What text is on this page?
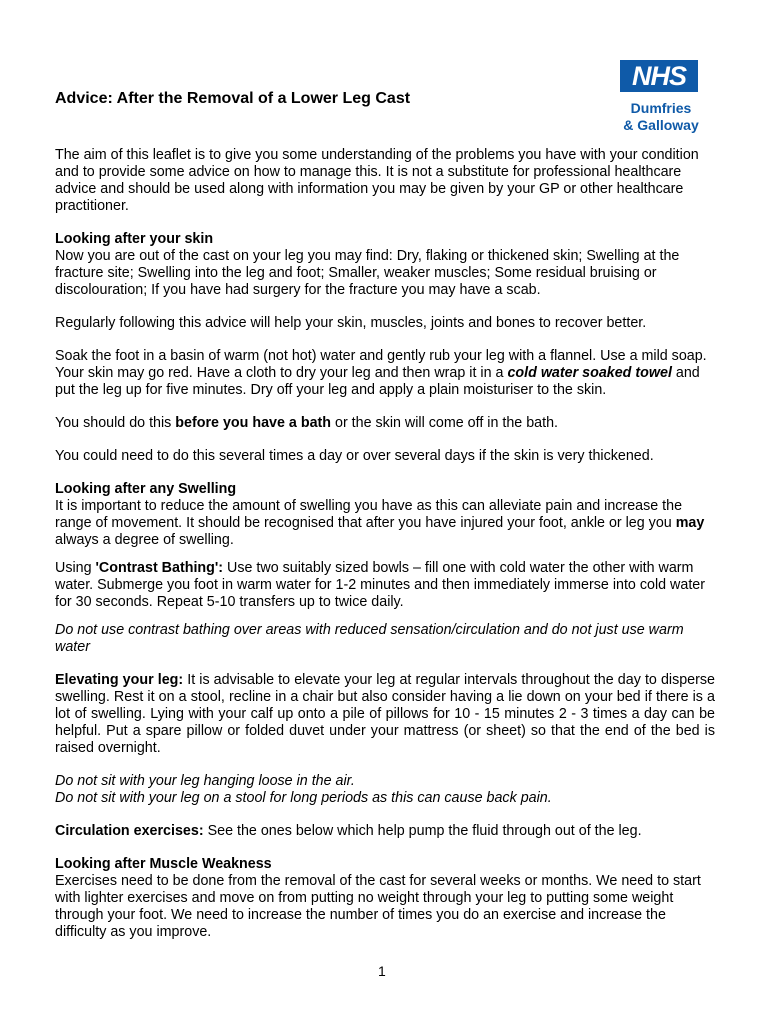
NHS
Dumfries
& Galloway
Advice: After the Removal of a Lower Leg Cast

The aim of this leaflet is to give you some understanding of the problems you have with your condition and to provide some advice on how to manage this. It is not a substitute for professional healthcare advice and should be used along with information you may be given by your GP or other healthcare practitioner.

Looking after your skin

Now you are out of the cast on your leg you may find: Dry, flaking or thickened skin; Swelling at the fracture site; Swelling into the leg and foot; Smaller, weaker muscles; Some residual bruising or discolouration; If you have had surgery for the fracture you may have a scab.

Regularly following this advice will help your skin, muscles, joints and bones to recover better.

Soak the foot in a basin of warm (not hot) water and gently rub your leg with a flannel. Use a mild soap. Your skin may go red. Have a cloth to dry your leg and then wrap it in a cold water soaked towel and put the leg up for five minutes. Dry off your leg and apply a plain moisturiser to the skin.

You should do this before you have a bath or the skin will come off in the bath.

You could need to do this several times a day or over several days if the skin is very thickened.

Looking after any Swelling

It is important to reduce the amount of swelling you have as this can alleviate pain and increase the range of movement. It should be recognised that after you have injured your foot, ankle or leg you may always a degree of swelling.

Using 'Contrast Bathing': Use two suitably sized bowls – fill one with cold water the other with warm water. Submerge you foot in warm water for 1-2 minutes and then immediately immerse into cold water for 30 seconds. Repeat 5-10 transfers up to twice daily.

Do not use contrast bathing over areas with reduced sensation/circulation and do not just use warm water

Elevating your leg: It is advisable to elevate your leg at regular intervals throughout the day to disperse swelling. Rest it on a stool, recline in a chair but also consider having a lie down on your bed if there is a lot of swelling. Lying with your calf up onto a pile of pillows for 10 - 15 minutes 2 - 3 times a day can be helpful. Put a spare pillow or folded duvet under your mattress (or sheet) so that the end of the bed is raised overnight.

Do not sit with your leg hanging loose in the air.

Do not sit with your leg on a stool for long periods as this can cause back pain.

Circulation exercises: See the ones below which help pump the fluid through out of the leg.

Looking after Muscle Weakness

Exercises need to be done from the removal of the cast for several weeks or months. We need to start with lighter exercises and move on from putting no weight through your leg to putting some weight through your foot. We need to increase the number of times you do an exercise and increase the difficulty as you improve.

1
